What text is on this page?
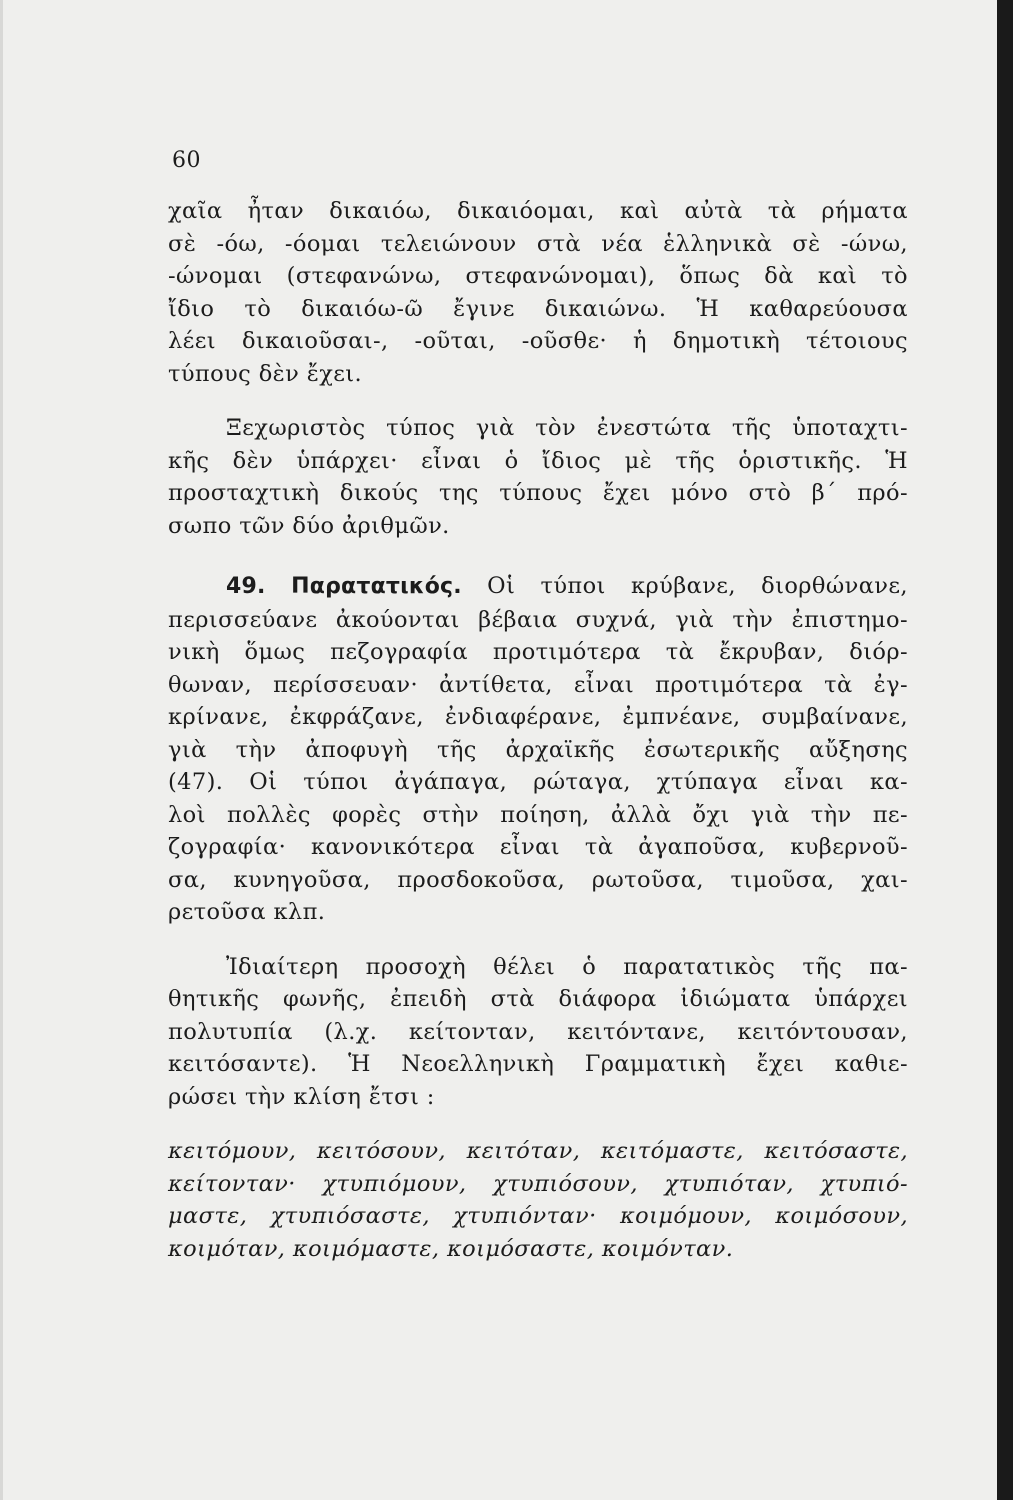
60

χαῖα ἦταν δικαιόω, δικαιόομαι, καὶ αὐτὰ τὰ ρήματα
σὲ -όω, -όομαι τελειώνουν στὰ νέα ἑλληνικὰ σὲ -ώνω,
-ώνομαι (στεφανώνω, στεφανώνομαι), ὅπως δὰ καὶ τὸ
ἴδιο τὸ δικαιόω-ῶ ἔγινε δικαιώνω. Ἡ καθαρεύουσα
λέει δικαιοῦσαι-, -οῦται, -οῦσθε· ἡ δημοτικὴ τέτοιους
τύπους δὲν ἔχει.

Ξεχωριστὸς τύπος γιὰ τὸν ἐνεστώτα τῆς ὑποταχτι-
κῆς δὲν ὑπάρχει· εἶναι ὁ ἴδιος μὲ τῆς ὁριστικῆς. Ἡ
προσταχτικὴ δικούς της τύπους ἔχει μόνο στὸ β΄ πρό-
σωπο τῶν δύο ἀριθμῶν.

49. Παρατατικός. Οἱ τύποι κρύβανε, διορθώνανε,
περισσεύανε ἀκούονται βέβαια συχνά, γιὰ τὴν ἐπιστημο-
νικὴ ὅμως πεζογραφία προτιμότερα τὰ ἔκρυβαν, διόρ-
θωναν, περίσσευαν· ἀντίθετα, εἶναι προτιμότερα τὰ ἐγ-
κρίνανε, ἐκφράζανε, ἐνδιαφέρανε, ἐμπνέανε, συμβαίνανε,
γιὰ τὴν ἀποφυγὴ τῆς ἀρχαϊκῆς ἐσωτερικῆς αὔξησης
(47). Οἱ τύποι ἀγάπαγα, ρώταγα, χτύπαγα εἶναι κα-
λοὶ πολλὲς φορὲς στὴν ποίηση, ἀλλὰ ὄχι γιὰ τὴν πε-
ζογραφία· κανονικότερα εἶναι τὰ ἀγαποῦσα, κυβερνοῦ-
σα, κυνηγοῦσα, προσδοκοῦσα, ρωτοῦσα, τιμοῦσα, χαι-
ρετοῦσα κλπ.

Ἰδιαίτερη προσοχὴ θέλει ὁ παρατατικὸς τῆς πα-
θητικῆς φωνῆς, ἐπειδὴ στὰ διάφορα ἰδιώματα ὑπάρχει
πολυτυπία (λ.χ. κείτονταν, κειτόντανε, κειτόντουσαν,
κειτόσαντε). Ἡ Νεοελληνικὴ Γραμματικὴ ἔχει καθιε-
ρώσει τὴν κλίση ἔτσι :

κειτόμουν, κειτόσουν, κειτόταν, κειτόμαστε, κειτόσαστε,
κείτονταν· χτυπιόμουν, χτυπιόσουν, χτυπιόταν, χτυπιό-
μαστε, χτυπιόσαστε, χτυπιόνταν· κοιμόμουν, κοιμόσουν,
κοιμόταν, κοιμόμαστε, κοιμόσαστε, κοιμόνταν.
